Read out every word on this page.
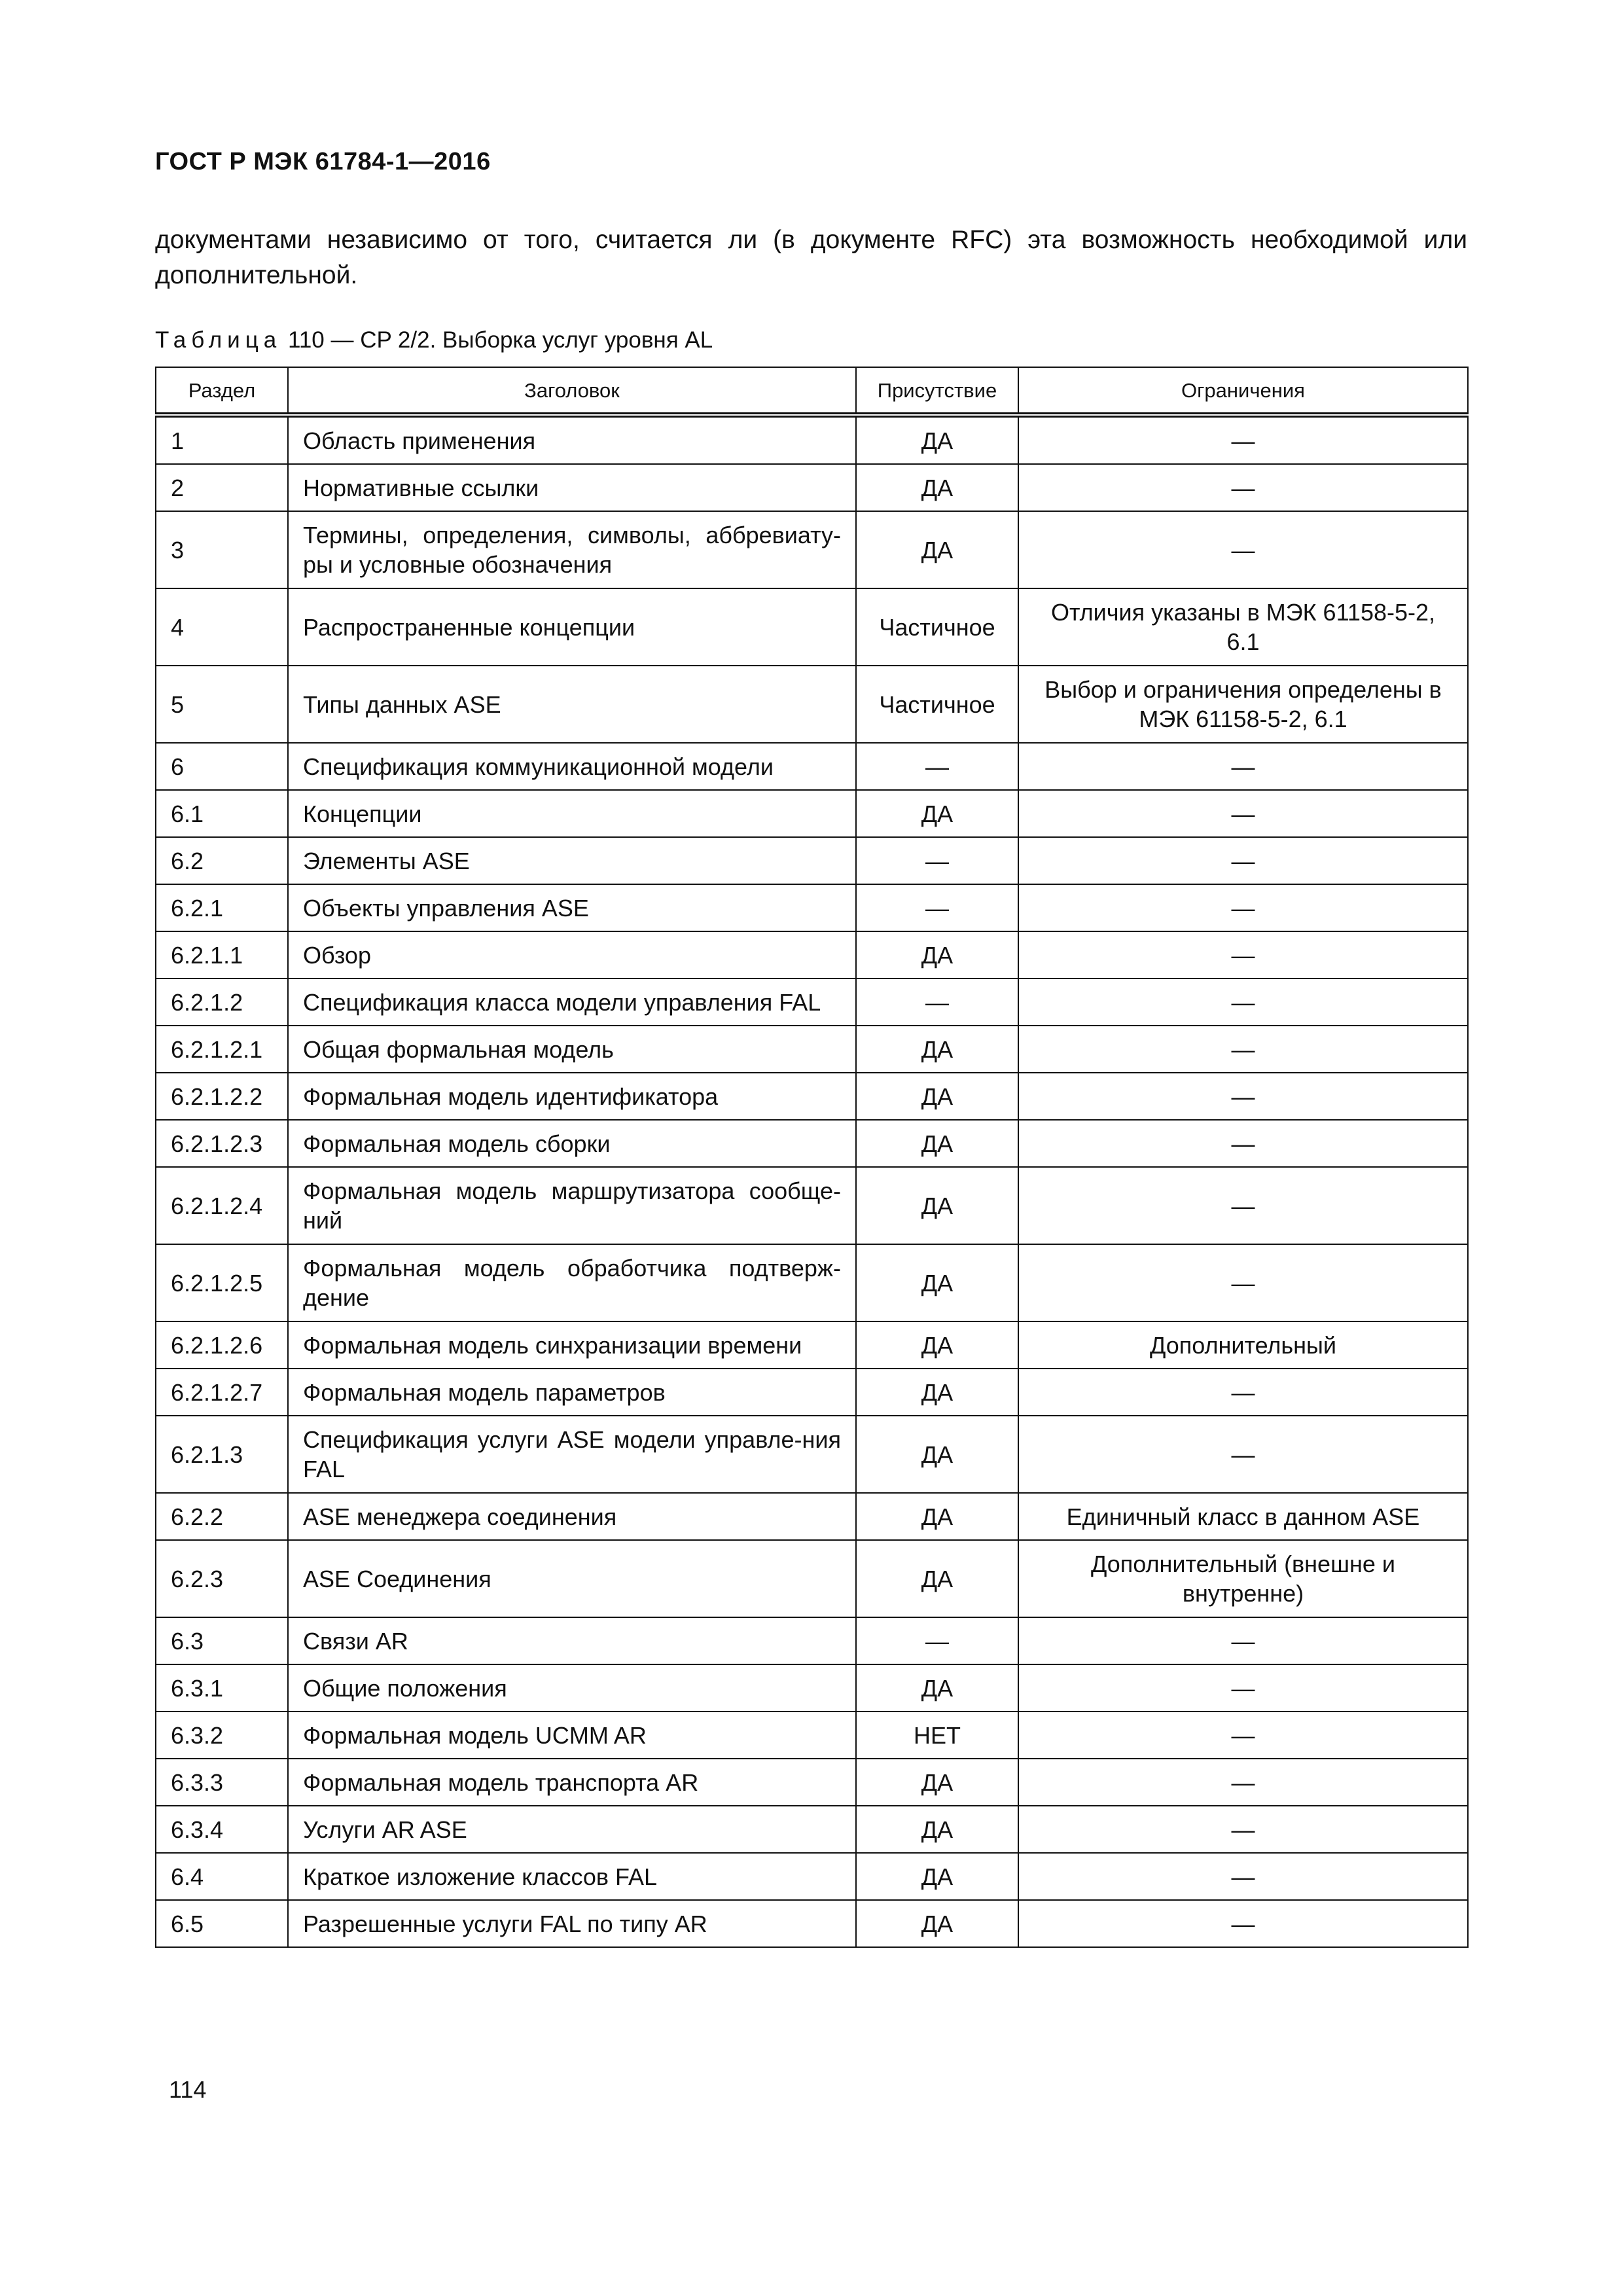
ГОСТ Р МЭК 61784-1—2016
документами независимо от того, считается ли (в документе RFC) эта возможность необходимой или дополнительной.
Таблица 110 — CP 2/2. Выборка услуг уровня AL
Раздел	Заголовок	Присутствие	Ограничения
1	Область применения	ДА	—
2	Нормативные ссылки	ДА	—
3	Термины, определения, символы, аббревиату-ры и условные обозначения	ДА	—
4	Распространенные концепции	Частичное	Отличия указаны в МЭК 61158-5-2, 6.1
5	Типы данных ASE	Частичное	Выбор и ограничения определены в МЭК 61158-5-2, 6.1
6	Спецификация коммуникационной модели	—	—
6.1	Концепции	ДА	—
6.2	Элементы ASE	—	—
6.2.1	Объекты управления ASE	—	—
6.2.1.1	Обзор	ДА	—
6.2.1.2	Спецификация класса модели управления FAL	—	—
6.2.1.2.1	Общая формальная модель	ДА	—
6.2.1.2.2	Формальная модель идентификатора	ДА	—
6.2.1.2.3	Формальная модель сборки	ДА	—
6.2.1.2.4	Формальная модель маршрутизатора сообще-ний	ДА	—
6.2.1.2.5	Формальная модель обработчика подтверж-дение	ДА	—
6.2.1.2.6	Формальная модель синхранизации времени	ДА	Дополнительный
6.2.1.2.7	Формальная модель параметров	ДА	—
6.2.1.3	Спецификация услуги ASE модели управле-ния FAL	ДА	—
6.2.2	ASE менеджера соединения	ДА	Единичный класс в данном ASE
6.2.3	ASE Соединения	ДА	Дополнительный (внешне и внутренне)
6.3	Связи AR	—	—
6.3.1	Общие положения	ДА	—
6.3.2	Формальная модель UCMM AR	НЕТ	—
6.3.3	Формальная модель транспорта AR	ДА	—
6.3.4	Услуги AR ASE	ДА	—
6.4	Краткое изложение классов FAL	ДА	—
6.5	Разрешенные услуги FAL по типу AR	ДА	—
114
